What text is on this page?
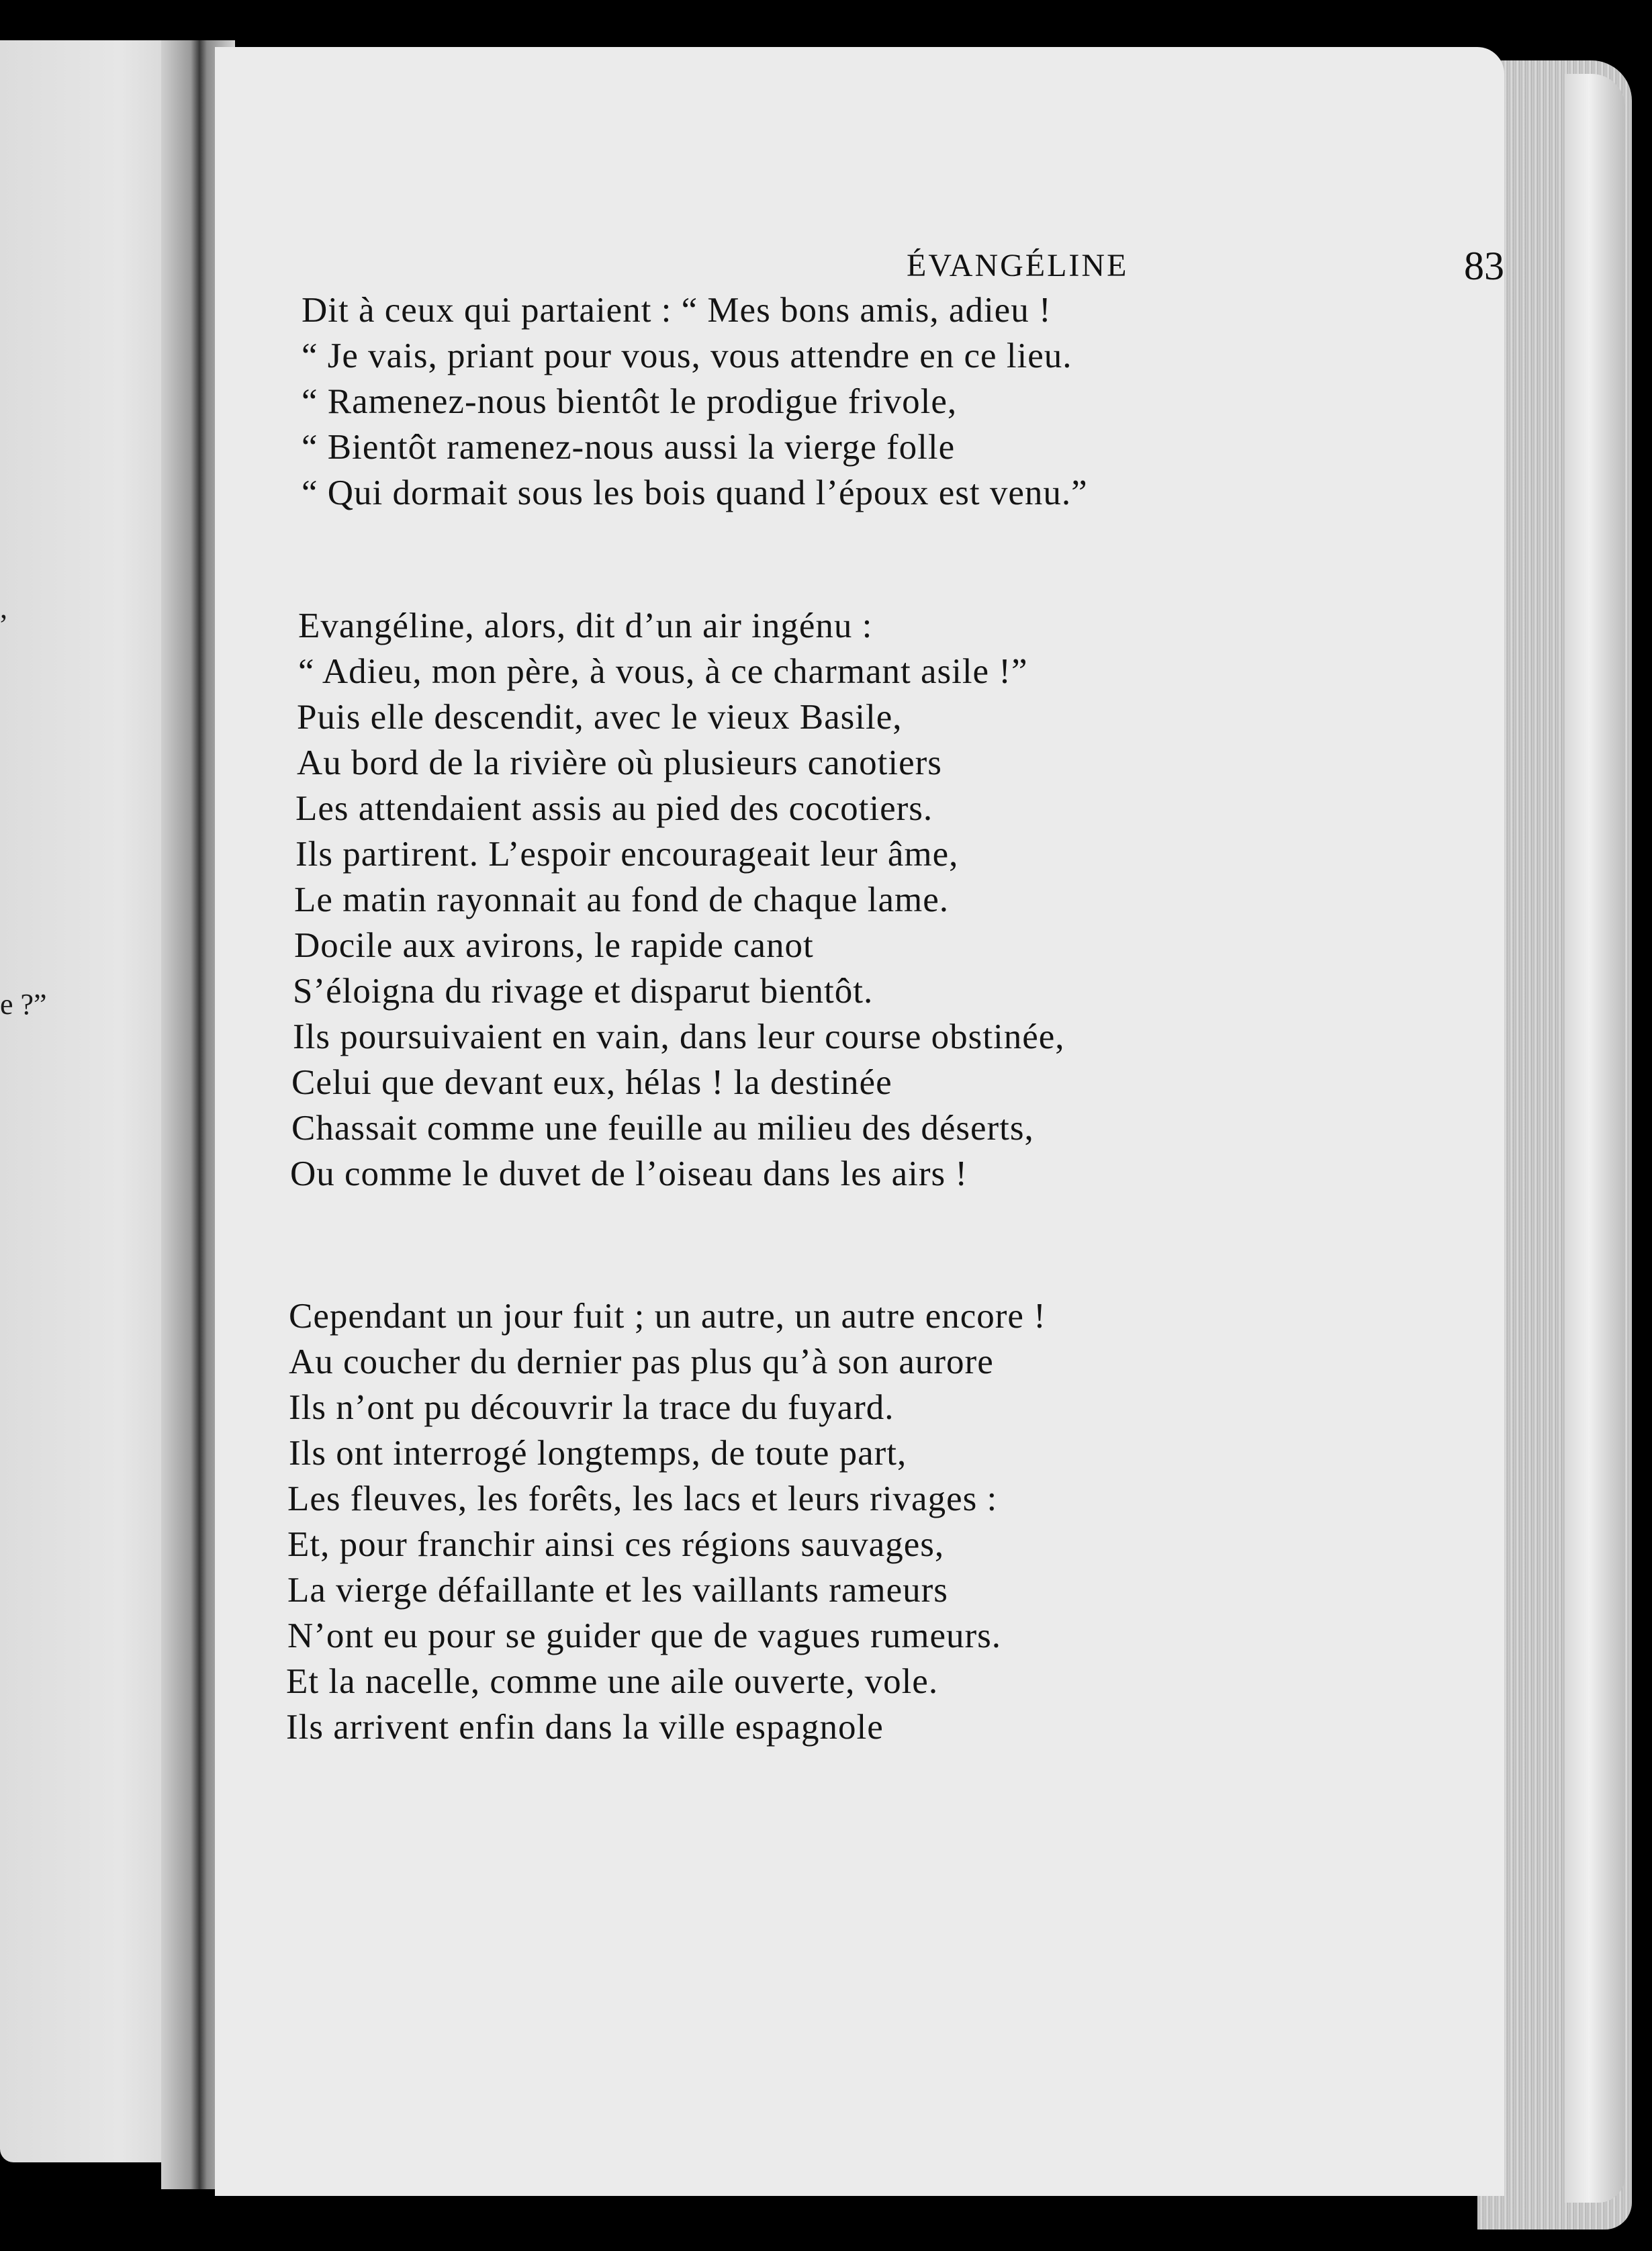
,
e ?”
ÉVANGÉLINE	83
Dit à ceux qui partaient : “ Mes bons amis, adieu !
“ Je vais, priant pour vous, vous attendre en ce lieu.
“ Ramenez-nous bientôt le prodigue frivole,
“ Bientôt ramenez-nous aussi la vierge folle
“ Qui dormait sous les bois quand l’époux est venu.”
Evangéline, alors, dit d’un air ingénu :
“ Adieu, mon père, à vous, à ce charmant asile !”
Puis elle descendit, avec le vieux Basile,
Au bord de la rivière où plusieurs canotiers
Les attendaient assis au pied des cocotiers.
Ils partirent. L’espoir encourageait leur âme,
Le matin rayonnait au fond de chaque lame.
Docile aux avirons, le rapide canot
S’éloigna du rivage et disparut bientôt.
Ils poursuivaient en vain, dans leur course obstinée,
Celui que devant eux, hélas ! la destinée
Chassait comme une feuille au milieu des déserts,
Ou comme le duvet de l’oiseau dans les airs !
Cependant un jour fuit ; un autre, un autre encore !
Au coucher du dernier pas plus qu’à son aurore
Ils n’ont pu découvrir la trace du fuyard.
Ils ont interrogé longtemps, de toute part,
Les fleuves, les forêts, les lacs et leurs rivages :
Et, pour franchir ainsi ces régions sauvages,
La vierge défaillante et les vaillants rameurs
N’ont eu pour se guider que de vagues rumeurs.
Et la nacelle, comme une aile ouverte, vole.
Ils arrivent enfin dans la ville espagnole
